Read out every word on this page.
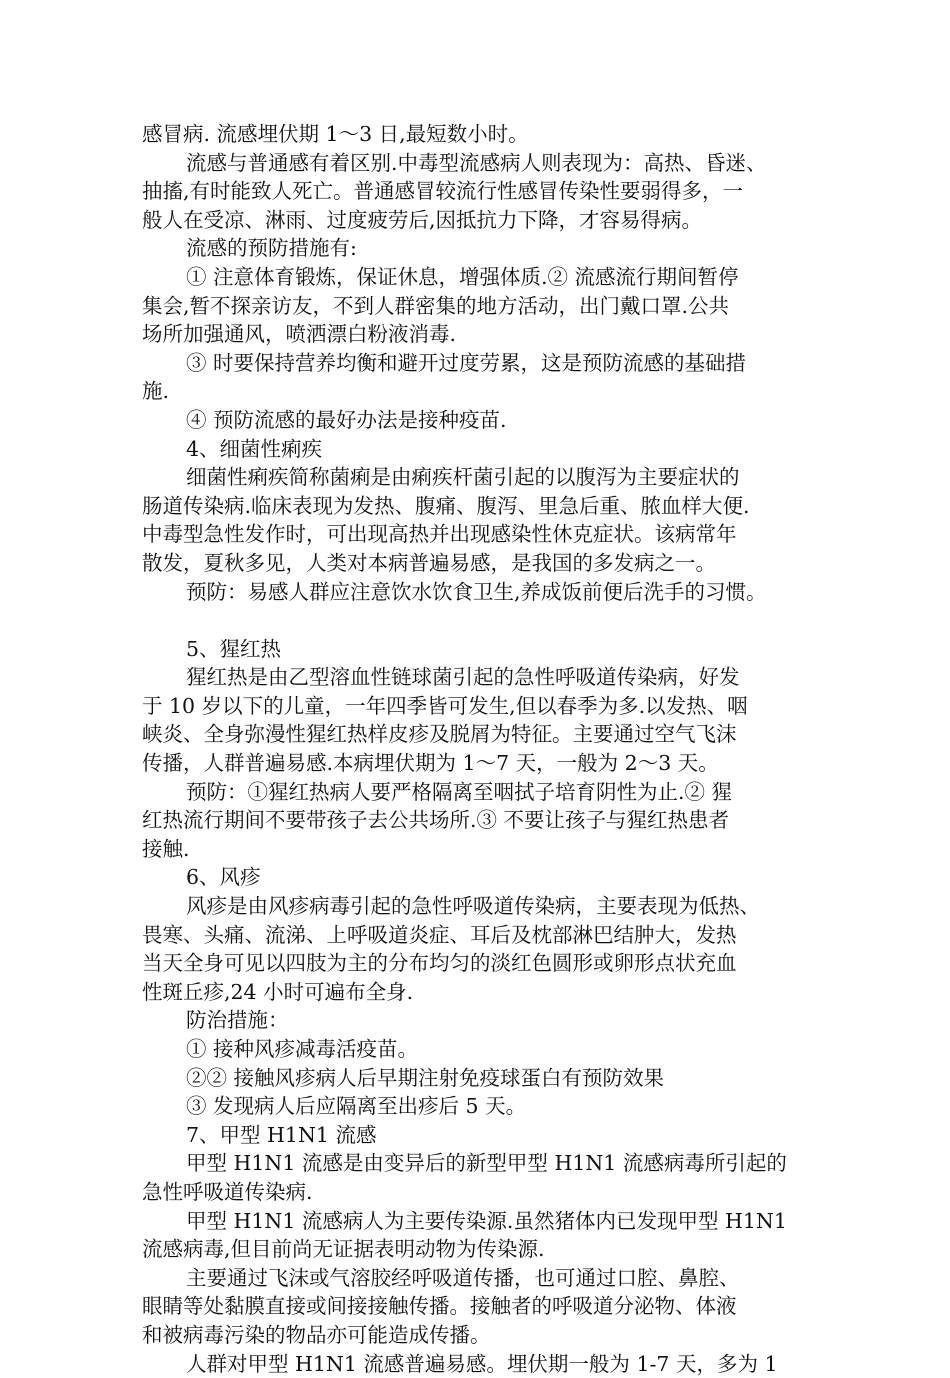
感冒病. 流感埋伏期 1～3 日,最短数小时。
流感与普通感有着区别.中毒型流感病人则表现为：高热、昏迷、
抽搐,有时能致人死亡。普通感冒较流行性感冒传染性要弱得多，一
般人在受凉、淋雨、过度疲劳后,因抵抗力下降，才容易得病。
流感的预防措施有:
① 注意体育锻炼，保证休息，增强体质.② 流感流行期间暂停
集会,暂不探亲访友，不到人群密集的地方活动，出门戴口罩.公共
场所加强通风，喷洒漂白粉液消毒.
③ 时要保持营养均衡和避开过度劳累，这是预防流感的基础措
施.
④ 预防流感的最好办法是接种疫苗.
4、细菌性痢疾
细菌性痢疾简称菌痢是由痢疾杆菌引起的以腹泻为主要症状的
肠道传染病.临床表现为发热、腹痛、腹泻、里急后重、脓血样大便.
中毒型急性发作时，可出现高热并出现感染性休克症状。该病常年
散发，夏秋多见，人类对本病普遍易感，是我国的多发病之一。
预防：易感人群应注意饮水饮食卫生,养成饭前便后洗手的习惯。
5、猩红热
猩红热是由乙型溶血性链球菌引起的急性呼吸道传染病，好发
于 10 岁以下的儿童，一年四季皆可发生,但以春季为多.以发热、咽
峡炎、全身弥漫性猩红热样皮疹及脱屑为特征。主要通过空气飞沫
传播，人群普遍易感.本病埋伏期为 1～7 天，一般为 2～3 天。
预防：①猩红热病人要严格隔离至咽拭子培育阴性为止.② 猩
红热流行期间不要带孩子去公共场所.③ 不要让孩子与猩红热患者
接触.
6、风疹
风疹是由风疹病毒引起的急性呼吸道传染病，主要表现为低热、
畏寒、头痛、流涕、上呼吸道炎症、耳后及枕部淋巴结肿大，发热
当天全身可见以四肢为主的分布均匀的淡红色圆形或卵形点状充血
性斑丘疹,24 小时可遍布全身.
防治措施：
① 接种风疹减毒活疫苗。
②② 接触风疹病人后早期注射免疫球蛋白有预防效果
③ 发现病人后应隔离至出疹后 5 天。
7、甲型 H1N1 流感
甲型 H1N1 流感是由变异后的新型甲型 H1N1 流感病毒所引起的
急性呼吸道传染病.
甲型 H1N1 流感病人为主要传染源.虽然猪体内已发现甲型 H1N1
流感病毒,但目前尚无证据表明动物为传染源.
主要通过飞沫或气溶胶经呼吸道传播，也可通过口腔、鼻腔、
眼睛等处黏膜直接或间接接触传播。接触者的呼吸道分泌物、体液
和被病毒污染的物品亦可能造成传播。
人群对甲型 H1N1 流感普遍易感。埋伏期一般为 1-7 天，多为 1
